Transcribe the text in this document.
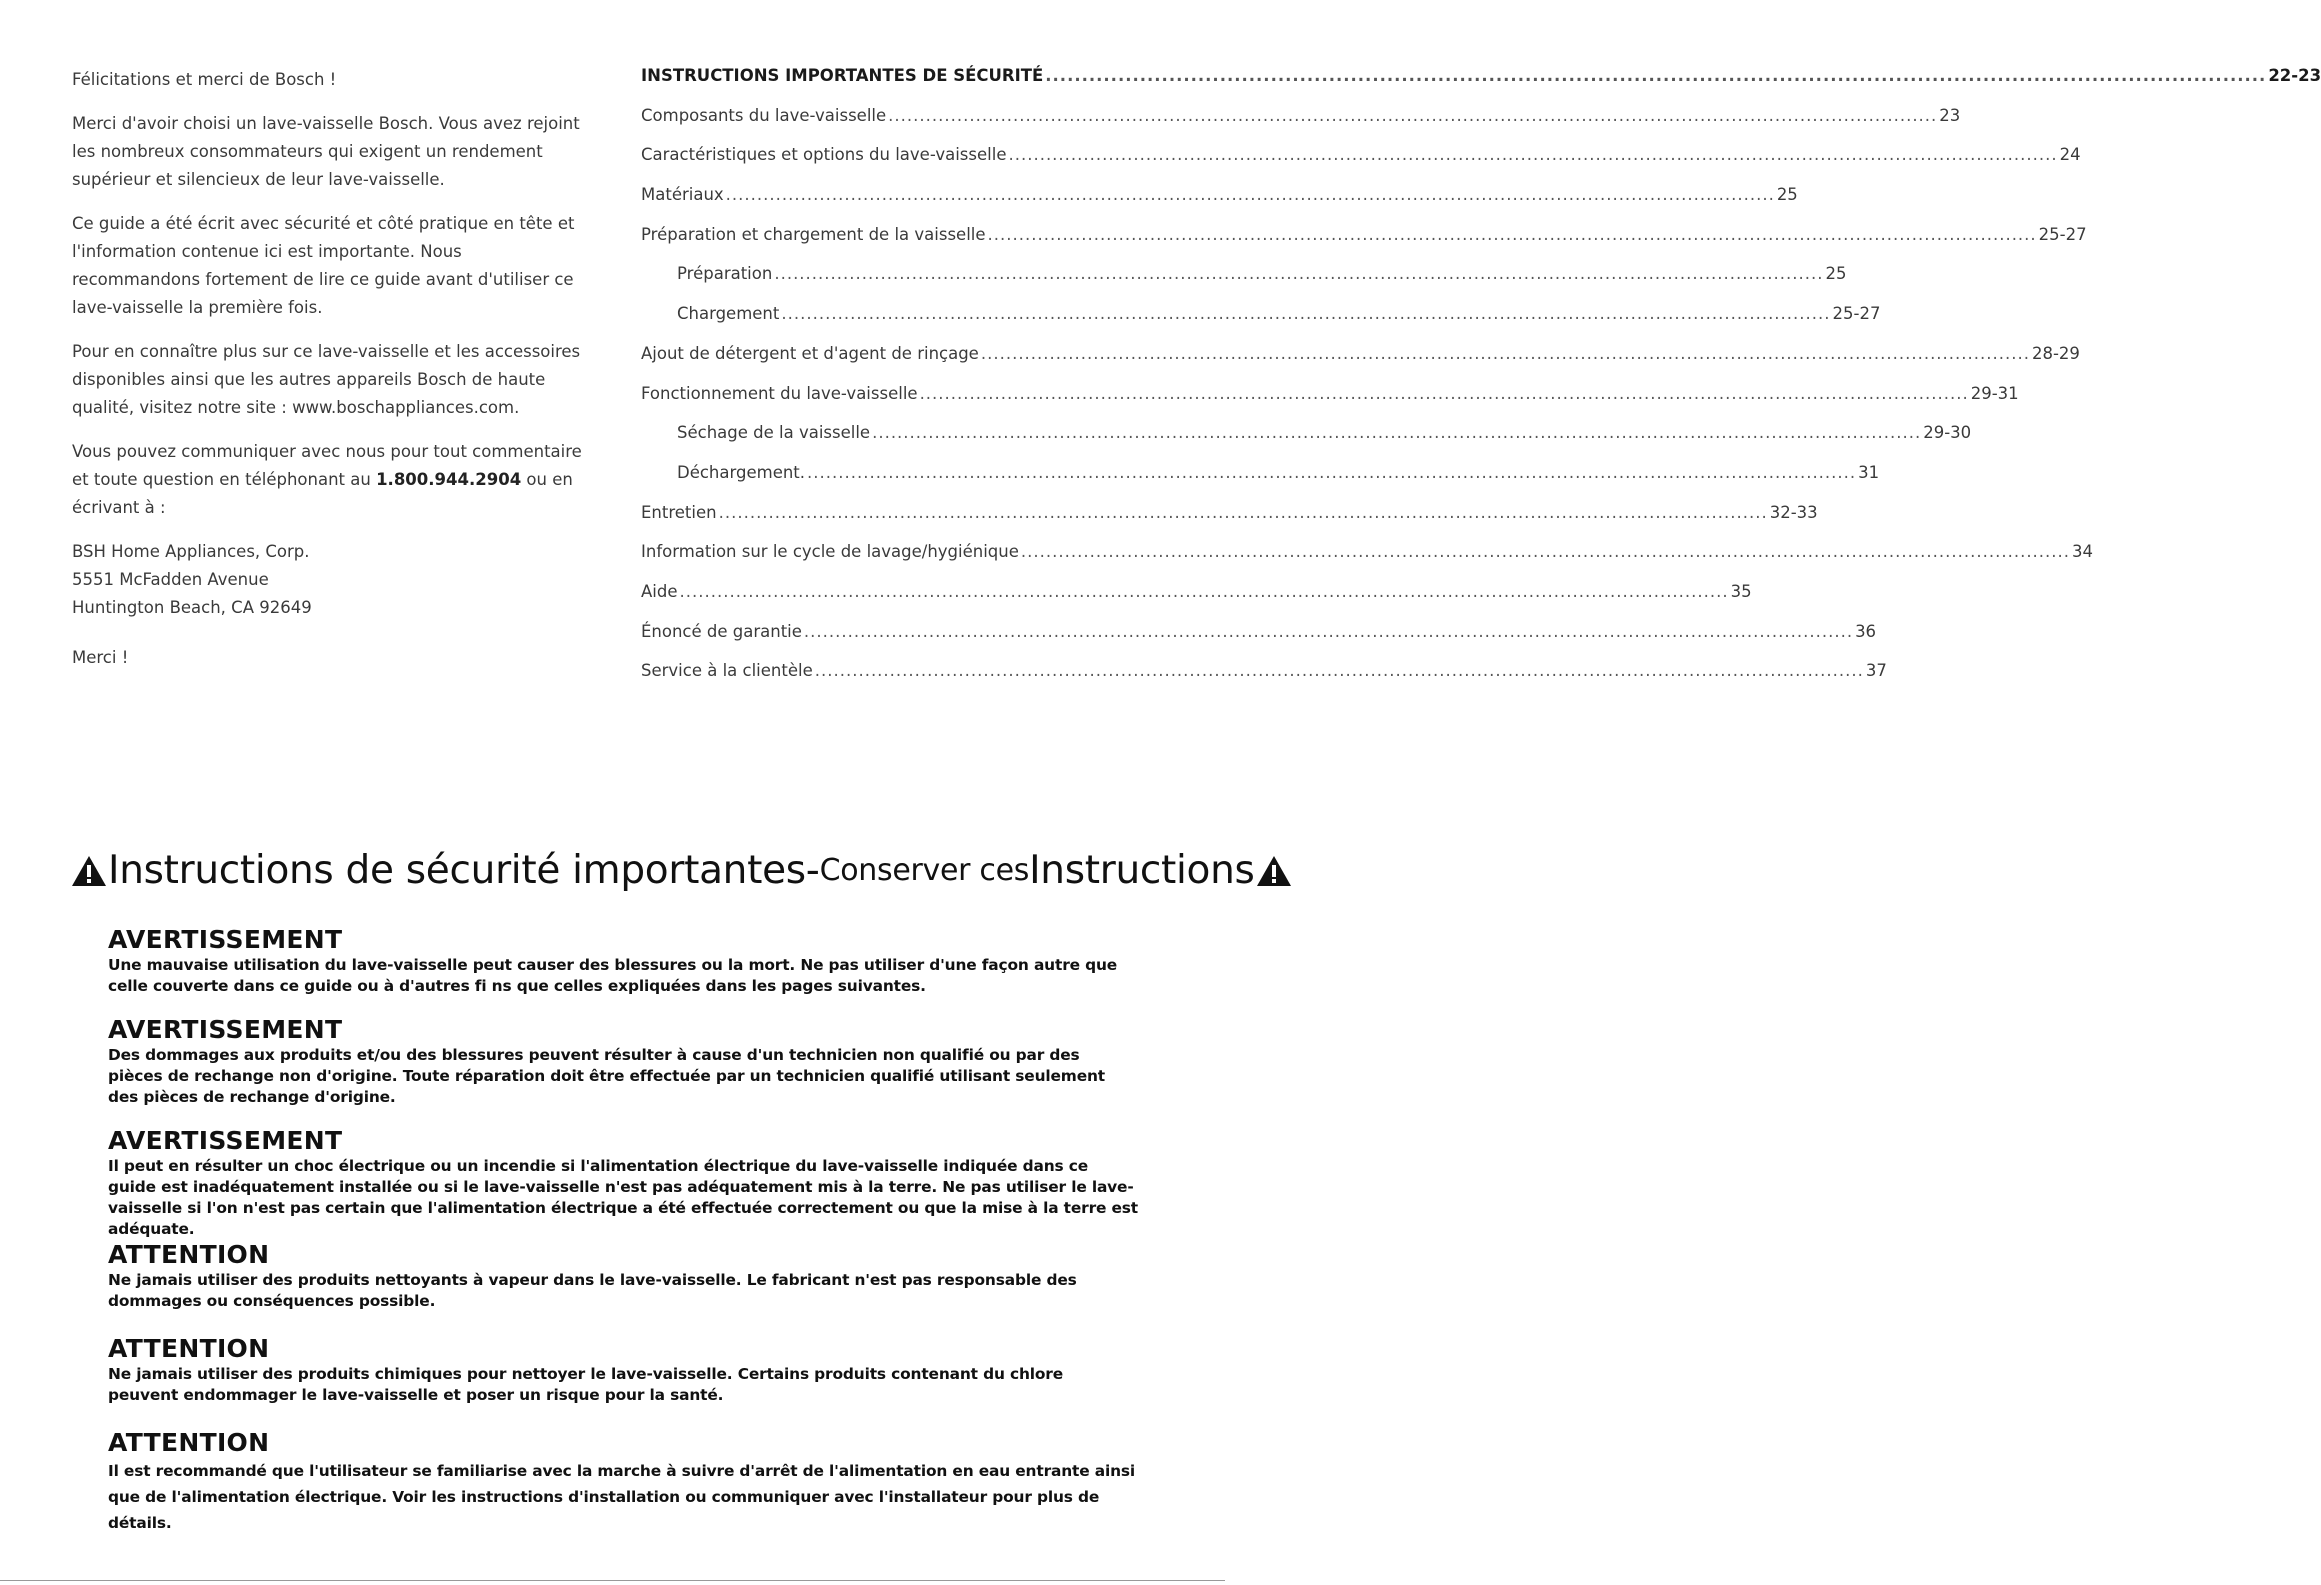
Félicitations et merci de Bosch !

Merci d'avoir choisi un lave-vaisselle Bosch. Vous avez rejoint les nombreux consommateurs qui exigent un rendement supérieur et silencieux de leur lave-vaisselle.

Ce guide a été écrit avec sécurité et côté pratique en tête et l'information contenue ici est importante. Nous recommandons fortement de lire ce guide avant d'utiliser ce lave-vaisselle la première fois.

Pour en connaître plus sur ce lave-vaisselle et les accessoires disponibles ainsi que les autres appareils Bosch de haute qualité, visitez notre site : www.boschappliances.com.

Vous pouvez communiquer avec nous pour tout commentaire et toute question en téléphonant au 1.800.944.2904 ou en écrivant à :

BSH Home Appliances, Corp.
5551 McFadden Avenue
Huntington Beach, CA 92649

Merci !

INSTRUCTIONS IMPORTANTES DE SÉCURITÉ .....	22-23
Composants du lave-vaisselle .....	23
Caractéristiques et options du lave-vaisselle .....	24
Matériaux .....	25
Préparation et chargement de la vaisselle .....	25-27
Préparation .....	25
Chargement .....	25-27
Ajout de détergent et d'agent de rinçage .....	28-29
Fonctionnement du lave-vaisselle .....	29-31
Séchage de la vaisselle .....	29-30
Déchargement. .....	31
Entretien .....	32-33
Information sur le cycle de lavage/hygiénique .....	34
Aide .....	35
Énoncé de garantie .....	36
Service à la clientèle .....	37
Instructions de sécurité importantes- Conserver ces Instructions
AVERTISSEMENT
Une mauvaise utilisation du lave-vaisselle peut causer des blessures ou la mort. Ne pas utiliser d'une façon autre que celle couverte dans ce guide ou à d'autres fi ns que celles expliquées dans les pages suivantes.
AVERTISSEMENT
Des dommages aux produits et/ou des blessures peuvent résulter à cause d'un technicien non qualifié ou par des pièces de rechange non d'origine. Toute réparation doit être effectuée par un technicien qualifié utilisant seulement des pièces de rechange d'origine.
AVERTISSEMENT
Il peut en résulter un choc électrique ou un incendie si l'alimentation électrique du lave-vaisselle indiquée dans ce guide est inadéquatement installée ou si le lave-vaisselle n'est pas adéquatement mis à la terre. Ne pas utiliser le lave-vaisselle si l'on n'est pas certain que l'alimentation électrique a été effectuée correctement ou que la mise à la terre est adéquate.
ATTENTION
Ne jamais utiliser des produits nettoyants à vapeur dans le lave-vaisselle. Le fabricant n'est pas responsable des dommages ou conséquences possible.
ATTENTION
Ne jamais utiliser des produits chimiques pour nettoyer le lave-vaisselle. Certains produits contenant du chlore peuvent endommager le lave-vaisselle et poser un risque pour la santé.
ATTENTION
Il est recommandé que l'utilisateur se familiarise avec la marche à suivre d'arrêt de l'alimentation en eau entrante ainsi que de l'alimentation électrique. Voir les instructions d'installation ou communiquer avec l'installateur pour plus de détails.
